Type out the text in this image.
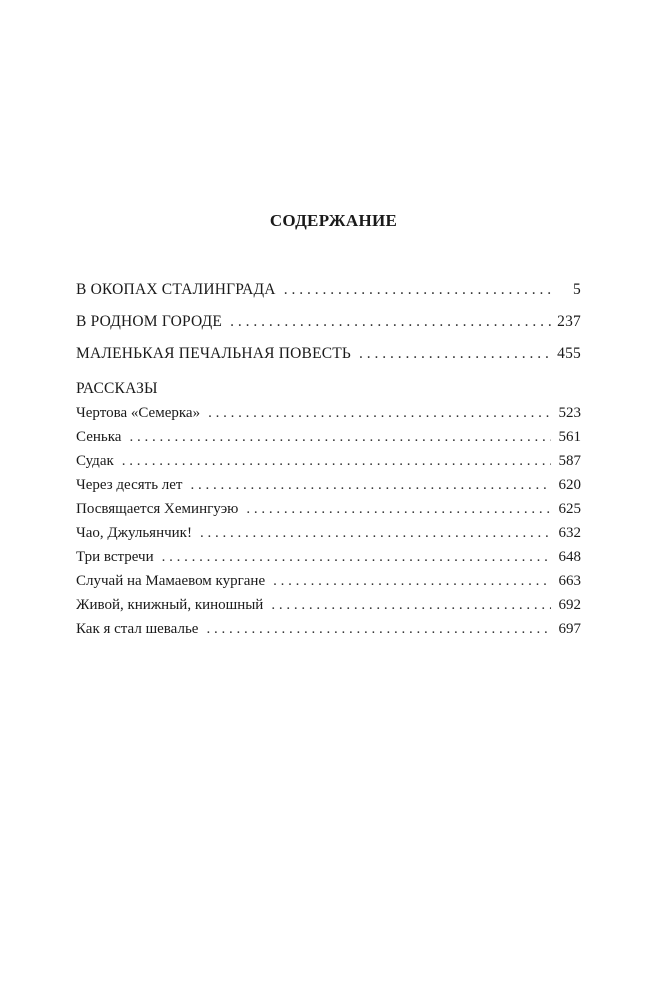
СОДЕРЖАНИЕ
В ОКОПАХ СТАЛИНГРАДА . . .	5
В РОДНОМ ГОРОДЕ . . .	237
МАЛЕНЬКАЯ ПЕЧАЛЬНАЯ ПОВЕСТЬ . . .	455
РАССКАЗЫ
Чертова «Семерка» . . .	523
Сенька . . .	561
Судак . . .	587
Через десять лет . . .	620
Посвящается Хемингуэю . . .	625
Чао, Джульянчик! . . .	632
Три встречи . . .	648
Случай на Мамаевом кургане . . .	663
Живой, книжный, киношный . . .	692
Как я стал шевалье . . .	697
